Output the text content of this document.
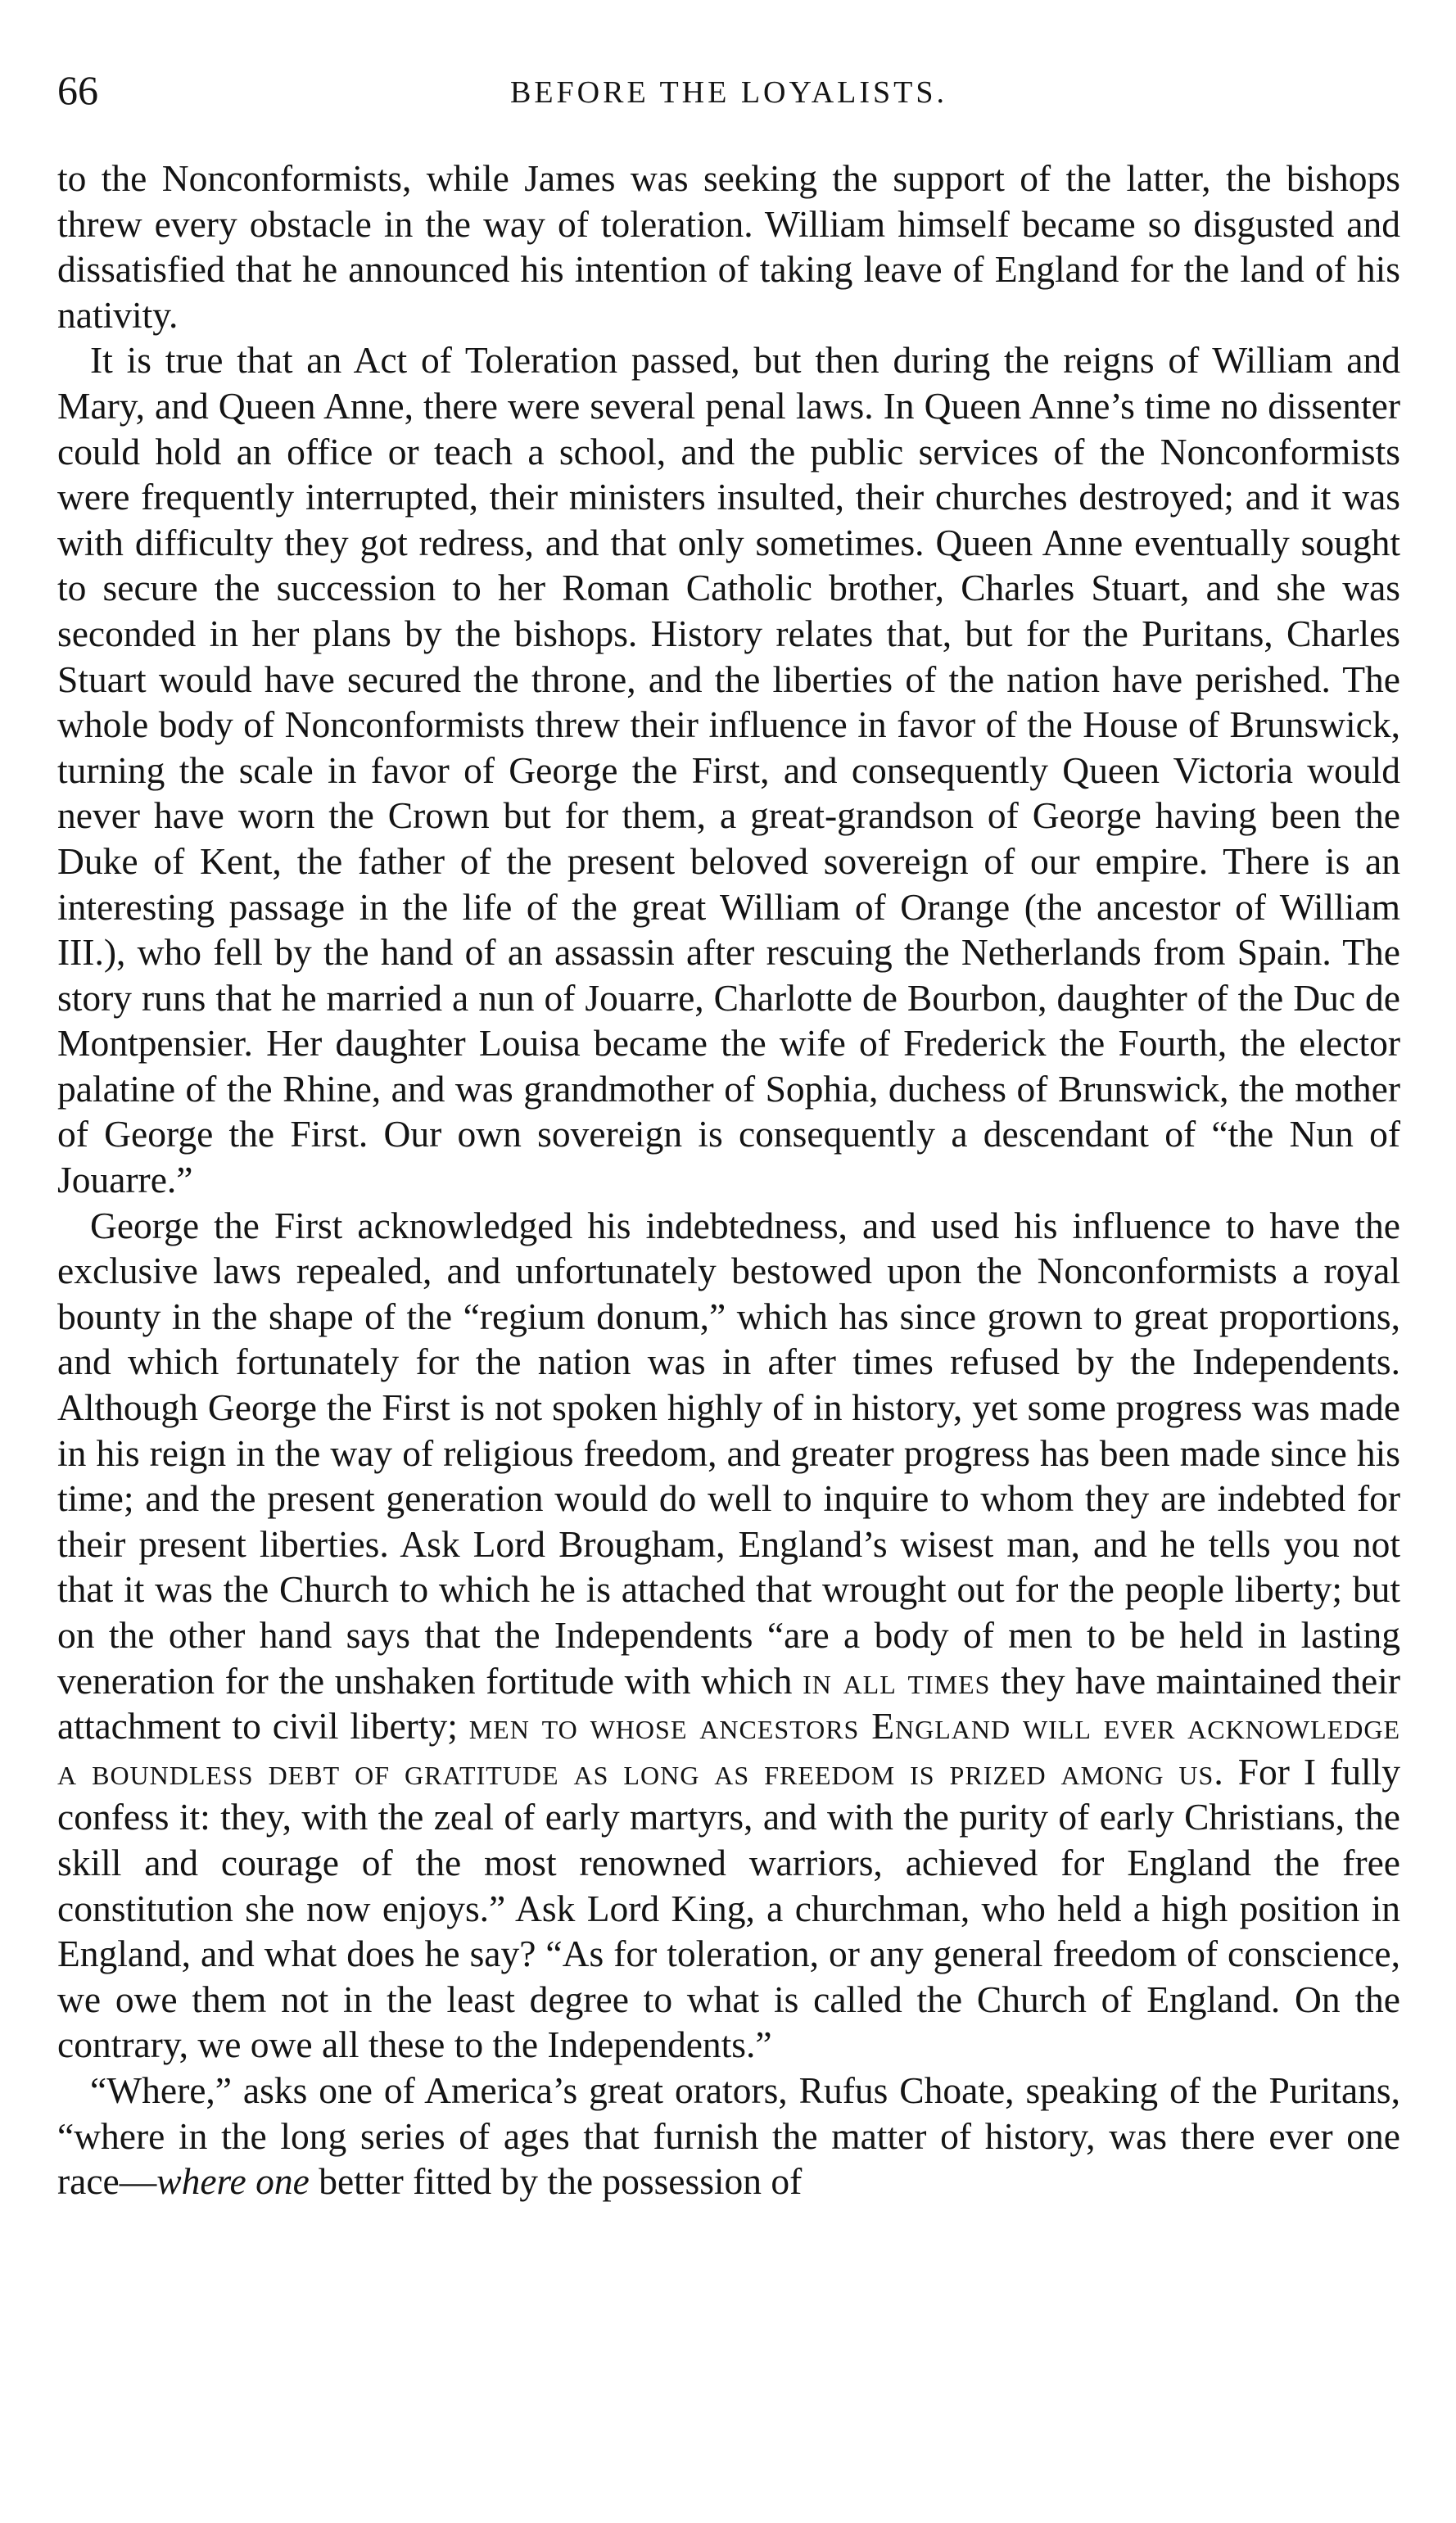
66	BEFORE THE LOYALISTS.

to the Nonconformists, while James was seeking the support of the latter, the bishops threw every obstacle in the way of toleration. William himself became so disgusted and dissatisfied that he announced his intention of taking leave of England for the land of his nativity.

It is true that an Act of Toleration passed, but then during the reigns of William and Mary, and Queen Anne, there were several penal laws. In Queen Anne’s time no dissenter could hold an office or teach a school, and the public services of the Nonconformists were frequently interrupted, their ministers insulted, their churches destroyed; and it was with difficulty they got redress, and that only sometimes. Queen Anne eventually sought to secure the succession to her Roman Catholic brother, Charles Stuart, and she was seconded in her plans by the bishops. History relates that, but for the Puritans, Charles Stuart would have secured the throne, and the liberties of the nation have perished. The whole body of Nonconformists threw their influence in favor of the House of Brunswick, turning the scale in favor of George the First, and consequently Queen Victoria would never have worn the Crown but for them, a great-grandson of George having been the Duke of Kent, the father of the present beloved sovereign of our empire. There is an interesting passage in the life of the great William of Orange (the ancestor of William III.), who fell by the hand of an assassin after rescuing the Netherlands from Spain. The story runs that he married a nun of Jouarre, Charlotte de Bourbon, daughter of the Duc de Montpensier. Her daughter Louisa became the wife of Frederick the Fourth, the elector palatine of the Rhine, and was grandmother of Sophia, duchess of Brunswick, the mother of George the First. Our own sovereign is consequently a descendant of “the Nun of Jouarre.”

George the First acknowledged his indebtedness, and used his influence to have the exclusive laws repealed, and unfortunately bestowed upon the Nonconformists a royal bounty in the shape of the “regium donum,” which has since grown to great proportions, and which fortunately for the nation was in after times refused by the Independents. Although George the First is not spoken highly of in history, yet some progress was made in his reign in the way of religious freedom, and greater progress has been made since his time; and the present generation would do well to inquire to whom they are indebted for their present liberties. Ask Lord Brougham, England’s wisest man, and he tells you not that it was the Church to which he is attached that wrought out for the people liberty; but on the other hand says that the Independents “are a body of men to be held in lasting veneration for the unshaken fortitude with which in all times they have maintained their attachment to civil liberty; men to whose ancestors England will ever acknowledge a boundless debt of gratitude as long as freedom is prized among us. For I fully confess it: they, with the zeal of early martyrs, and with the purity of early Christians, the skill and courage of the most renowned warriors, achieved for England the free constitution she now enjoys.” Ask Lord King, a churchman, who held a high position in England, and what does he say? “As for toleration, or any general freedom of conscience, we owe them not in the least degree to what is called the Church of England. On the contrary, we owe all these to the Independents.”

“Where,” asks one of America’s great orators, Rufus Choate, speaking of the Puritans, “where in the long series of ages that furnish the matter of history, was there ever one race—where one better fitted by the possession of
